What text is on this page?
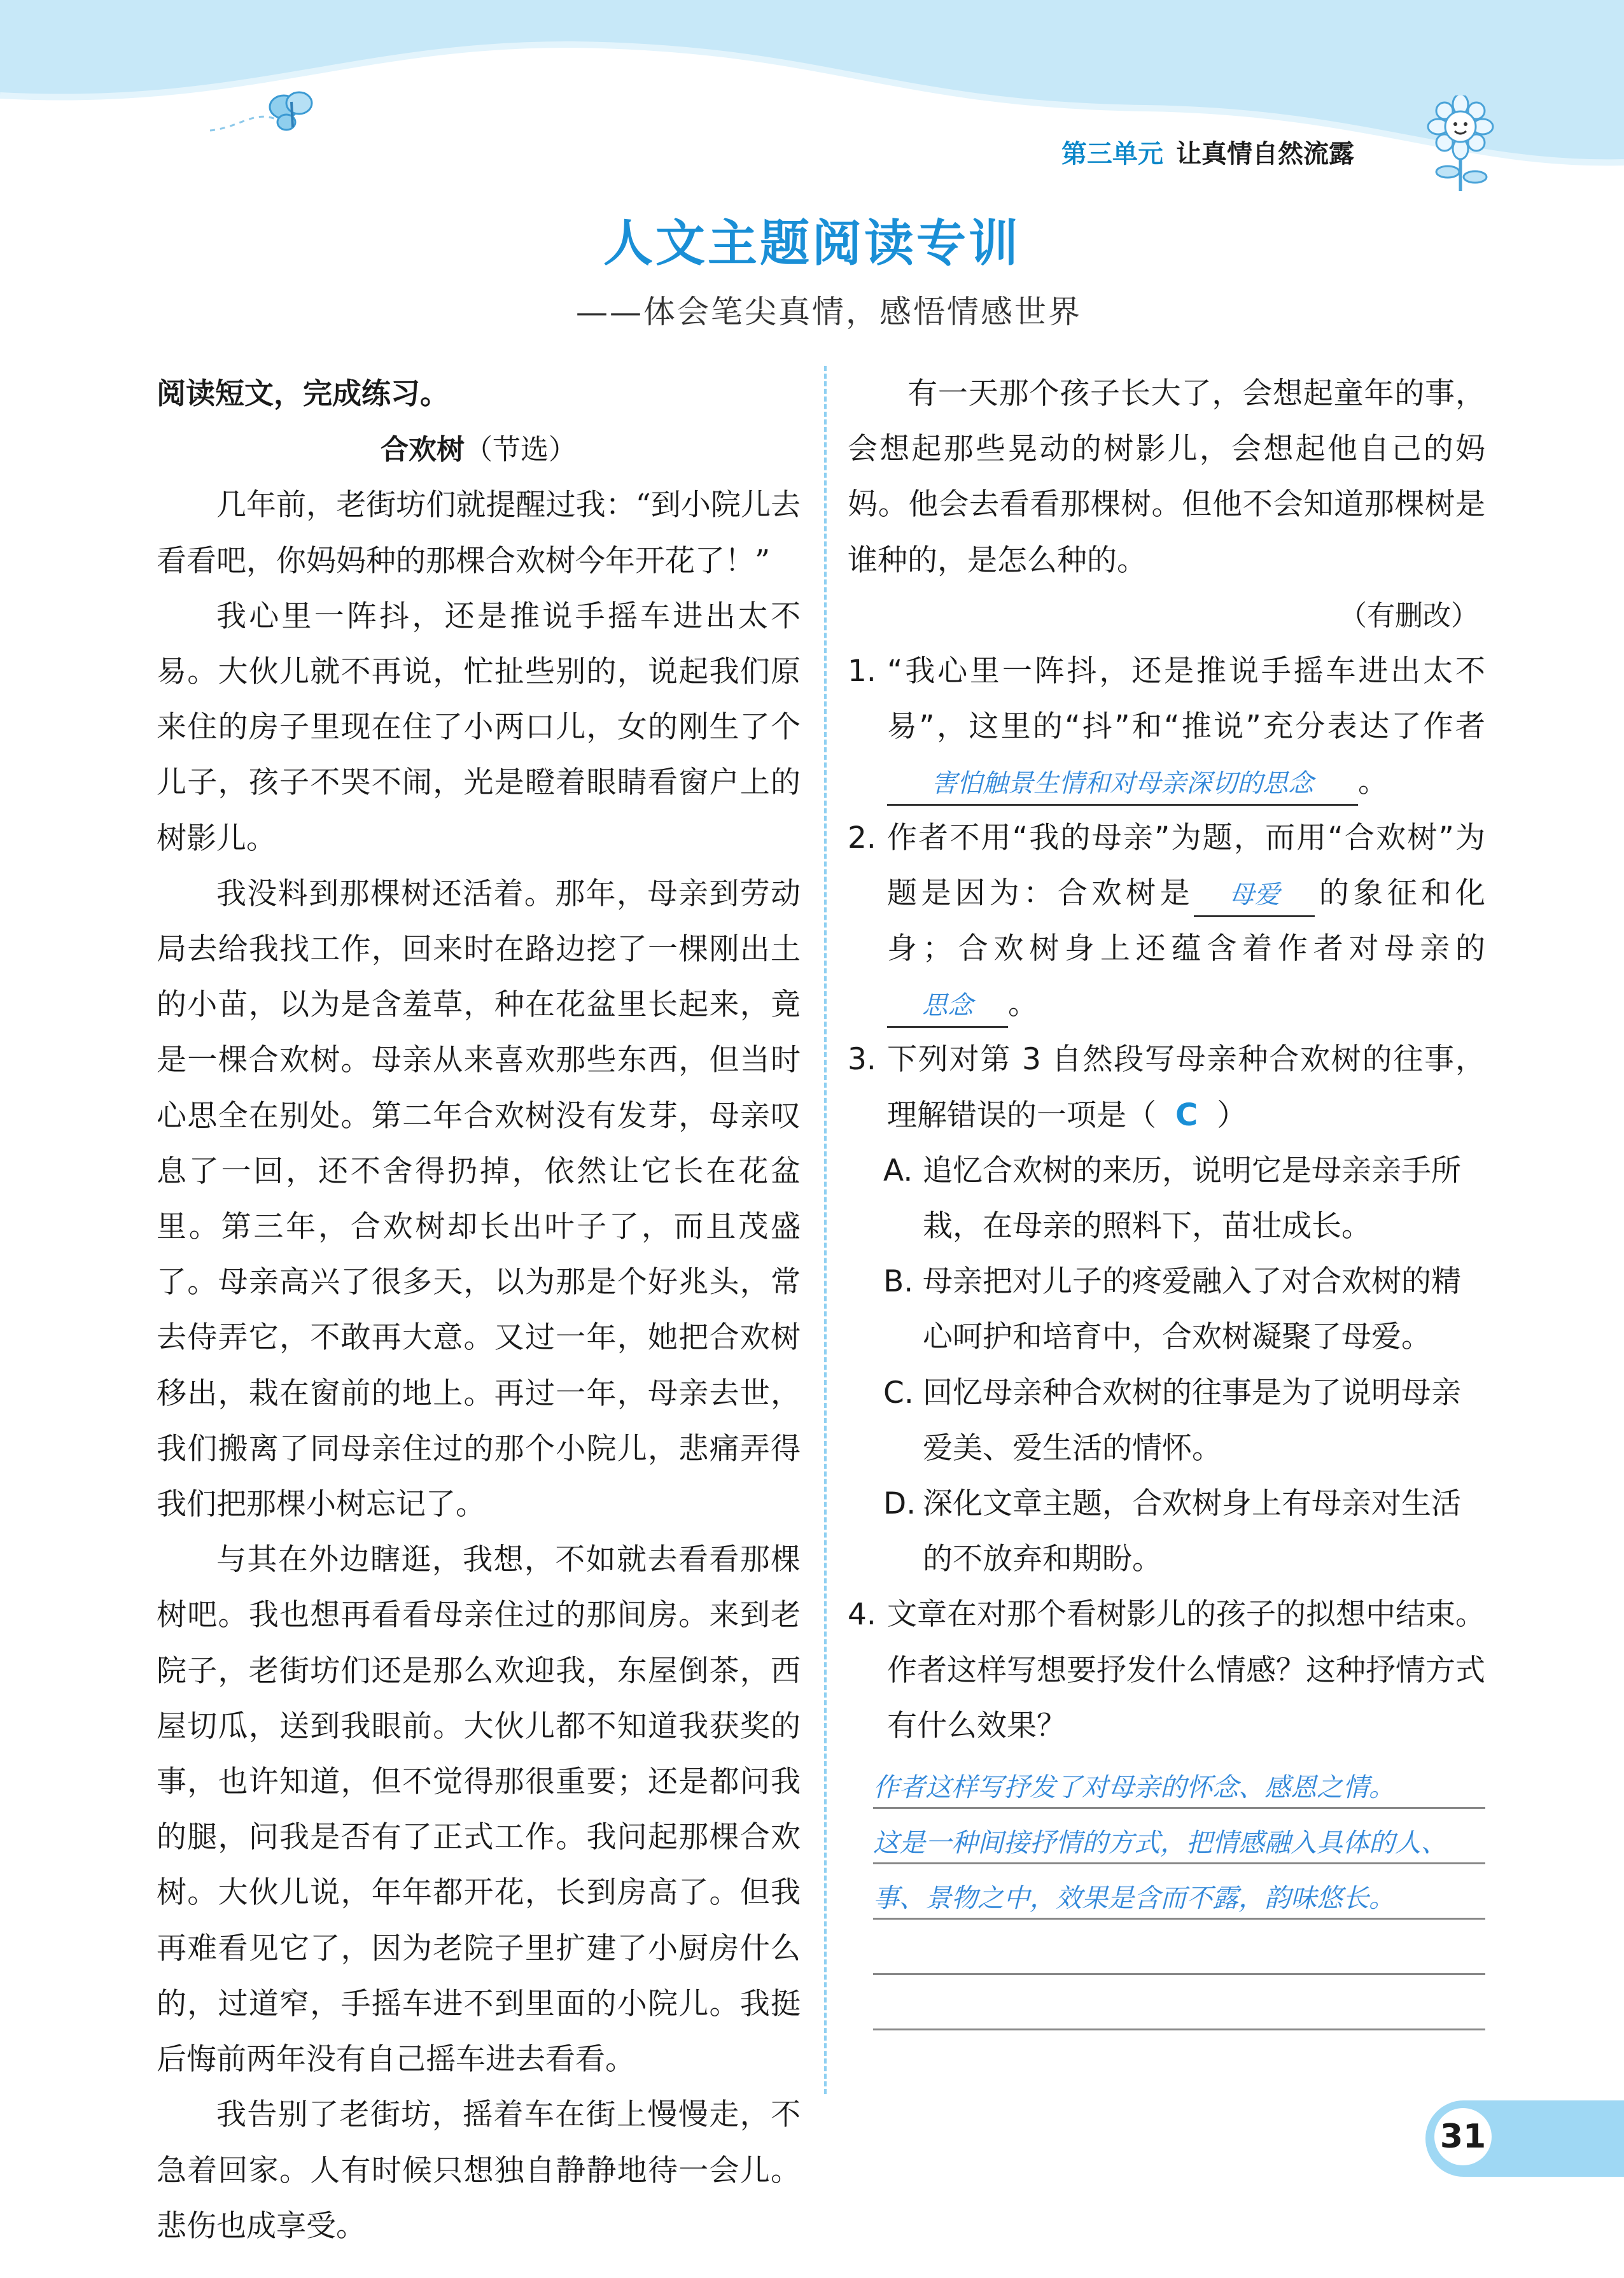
第三单元 让真情自然流露
人文主题阅读专训
——体会笔尖真情，感悟情感世界

阅读短文，完成练习。

合欢树（节选）

几年前，老街坊们就提醒过我：“到小院儿去看看吧，你妈妈种的那棵合欢树今年开花了！”

我心里一阵抖，还是推说手摇车进出太不易。大伙儿就不再说，忙扯些别的，说起我们原来住的房子里现在住了小两口儿，女的刚生了个儿子，孩子不哭不闹，光是瞪着眼睛看窗户上的树影儿。

我没料到那棵树还活着。那年，母亲到劳动局去给我找工作，回来时在路边挖了一棵刚出土的小苗，以为是含羞草，种在花盆里长起来，竟是一棵合欢树。母亲从来喜欢那些东西，但当时心思全在别处。第二年合欢树没有发芽，母亲叹息了一回，还不舍得扔掉，依然让它长在花盆里。第三年，合欢树却长出叶子了，而且茂盛了。母亲高兴了很多天，以为那是个好兆头，常去侍弄它，不敢再大意。又过一年，她把合欢树移出，栽在窗前的地上。再过一年，母亲去世，我们搬离了同母亲住过的那个小院儿，悲痛弄得我们把那棵小树忘记了。

与其在外边瞎逛，我想，不如就去看看那棵树吧。我也想再看看母亲住过的那间房。来到老院子，老街坊们还是那么欢迎我，东屋倒茶，西屋切瓜，送到我眼前。大伙儿都不知道我获奖的事，也许知道，但不觉得那很重要；还是都问我的腿，问我是否有了正式工作。我问起那棵合欢树。大伙儿说，年年都开花，长到房高了。但我再难看见它了，因为老院子里扩建了小厨房什么的，过道窄，手摇车进不到里面的小院儿。我挺后悔前两年没有自己摇车进去看看。

我告别了老街坊，摇着车在街上慢慢走，不急着回家。人有时候只想独自静静地待一会儿。悲伤也成享受。

有一天那个孩子长大了，会想起童年的事，会想起那些晃动的树影儿，会想起他自己的妈妈。他会去看看那棵树。但他不会知道那棵树是谁种的，是怎么种的。

（有删改）

1. “我心里一阵抖，还是推说手摇车进出太不易”，这里的“抖”和“推说”充分表达了作者害怕触景生情和对母亲深切的思念 。
2. 作者不用“我的母亲”为题，而用“合欢树”为题是因为：合欢树是 母爱 的象征和化身；合欢树身上还蕴含着作者对母亲的思念 。
3. 下列对第 3 自然段写母亲种合欢树的往事，理解错误的一项是（ C ）
A. 追忆合欢树的来历，说明它是母亲亲手所栽，在母亲的照料下，苗壮成长。
B. 母亲把对儿子的疼爱融入了对合欢树的精心呵护和培育中，合欢树凝聚了母爱。
C. 回忆母亲种合欢树的往事是为了说明母亲爱美、爱生活的情怀。
D. 深化文章主题，合欢树身上有母亲对生活的不放弃和期盼。
4. 文章在对那个看树影儿的孩子的拟想中结束。作者这样写想要抒发什么情感？这种抒情方式有什么效果？
作者这样写抒发了对母亲的怀念、感恩之情。
这是一种间接抒情的方式，把情感融入具体的人、
事、景物之中，效果是含而不露，韵味悠长。
31
